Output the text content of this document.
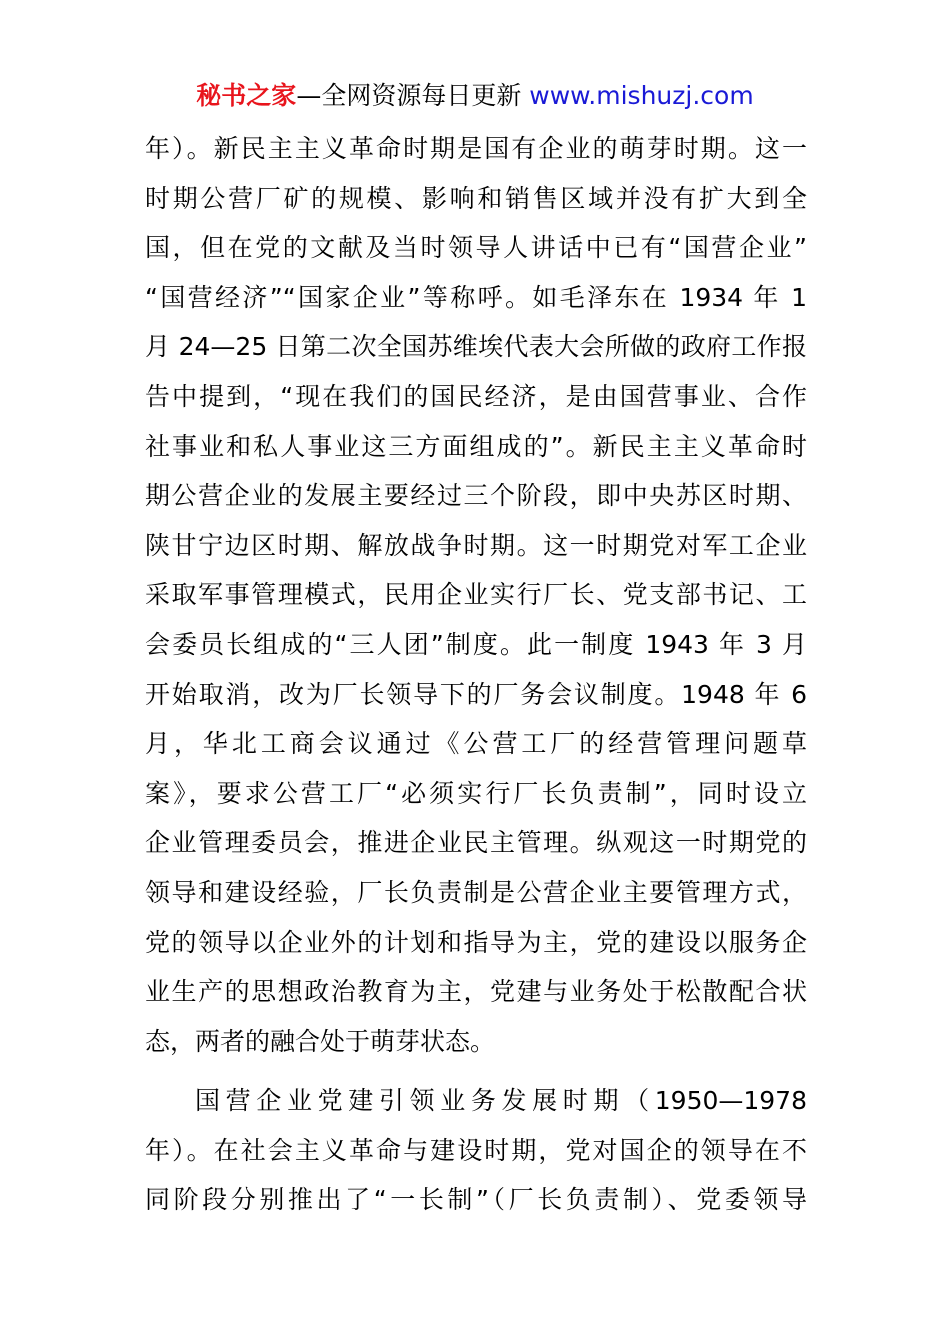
秘书之家—全网资源每日更新 www.mishuzj.com
年）。新民主主义革命时期是国有企业的萌芽时期。这一
时期公营厂矿的规模、影响和销售区域并没有扩大到全
国，但在党的文献及当时领导人讲话中已有“国营企业”
“国营经济”“国家企业”等称呼。如毛泽东在 1934 年 1
月 24—25 日第二次全国苏维埃代表大会所做的政府工作报
告中提到，“现在我们的国民经济，是由国营事业、合作
社事业和私人事业这三方面组成的”。新民主主义革命时
期公营企业的发展主要经过三个阶段，即中央苏区时期、
陕甘宁边区时期、解放战争时期。这一时期党对军工企业
采取军事管理模式，民用企业实行厂长、党支部书记、工
会委员长组成的“三人团”制度。此一制度 1943 年 3 月
开始取消，改为厂长领导下的厂务会议制度。1948 年 6
月，华北工商会议通过《公营工厂的经营管理问题草
案》，要求公营工厂“必须实行厂长负责制”，同时设立
企业管理委员会，推进企业民主管理。纵观这一时期党的
领导和建设经验，厂长负责制是公营企业主要管理方式，
党的领导以企业外的计划和指导为主，党的建设以服务企
业生产的思想政治教育为主，党建与业务处于松散配合状
态，两者的融合处于萌芽状态。
国营企业党建引领业务发展时期（1950—1978
年）。在社会主义革命与建设时期，党对国企的领导在不
同阶段分别推出了“一长制”（厂长负责制）、党委领导
